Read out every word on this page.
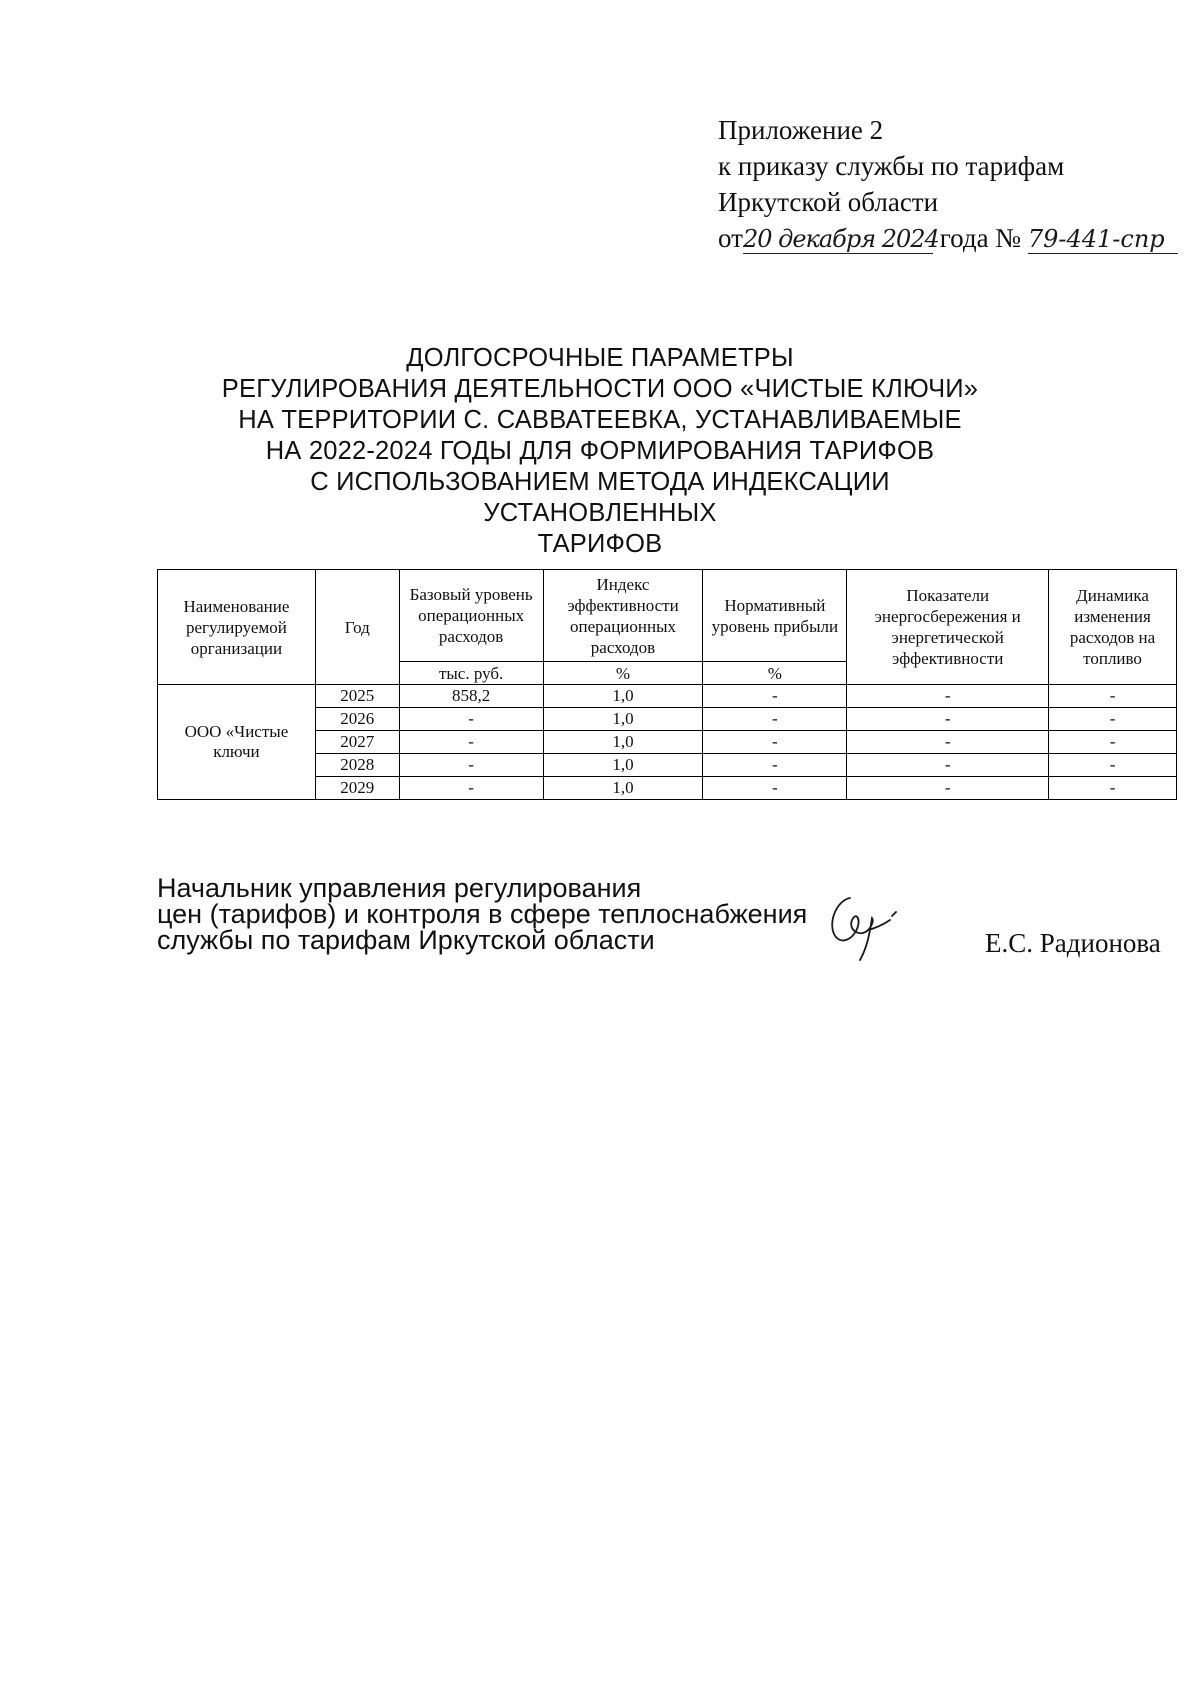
Приложение 2
к приказу службы по тарифам
Иркутской области
от20 декабря 2024 года № 79-441-спр
ДОЛГОСРОЧНЫЕ ПАРАМЕТРЫ
РЕГУЛИРОВАНИЯ ДЕЯТЕЛЬНОСТИ ООО «ЧИСТЫЕ КЛЮЧИ»
НА ТЕРРИТОРИИ С. САВВАТЕЕВКА, УСТАНАВЛИВАЕМЫЕ
НА 2022-2024 ГОДЫ ДЛЯ ФОРМИРОВАНИЯ ТАРИФОВ
С ИСПОЛЬЗОВАНИЕМ МЕТОДА ИНДЕКСАЦИИ УСТАНОВЛЕННЫХ
ТАРИФОВ
Наименование регулируемой организации	Год	Базовый уровень операционных расходов	Индекс эффективности операционных расходов	Нормативный уровень прибыли	Показатели энергосбережения и энергетической эффективности	Динамика изменения расходов на топливо
		тыс. руб.	%	%		
ООО «Чистые ключи	2025	858,2	1,0	-	-	-
	2026	-	1,0	-	-	-
	2027	-	1,0	-	-	-
	2028	-	1,0	-	-	-
	2029	-	1,0	-	-	-
Начальник управления регулирования
цен (тарифов) и контроля в сфере теплоснабжения
службы по тарифам Иркутской области	Е.С. Радионова
